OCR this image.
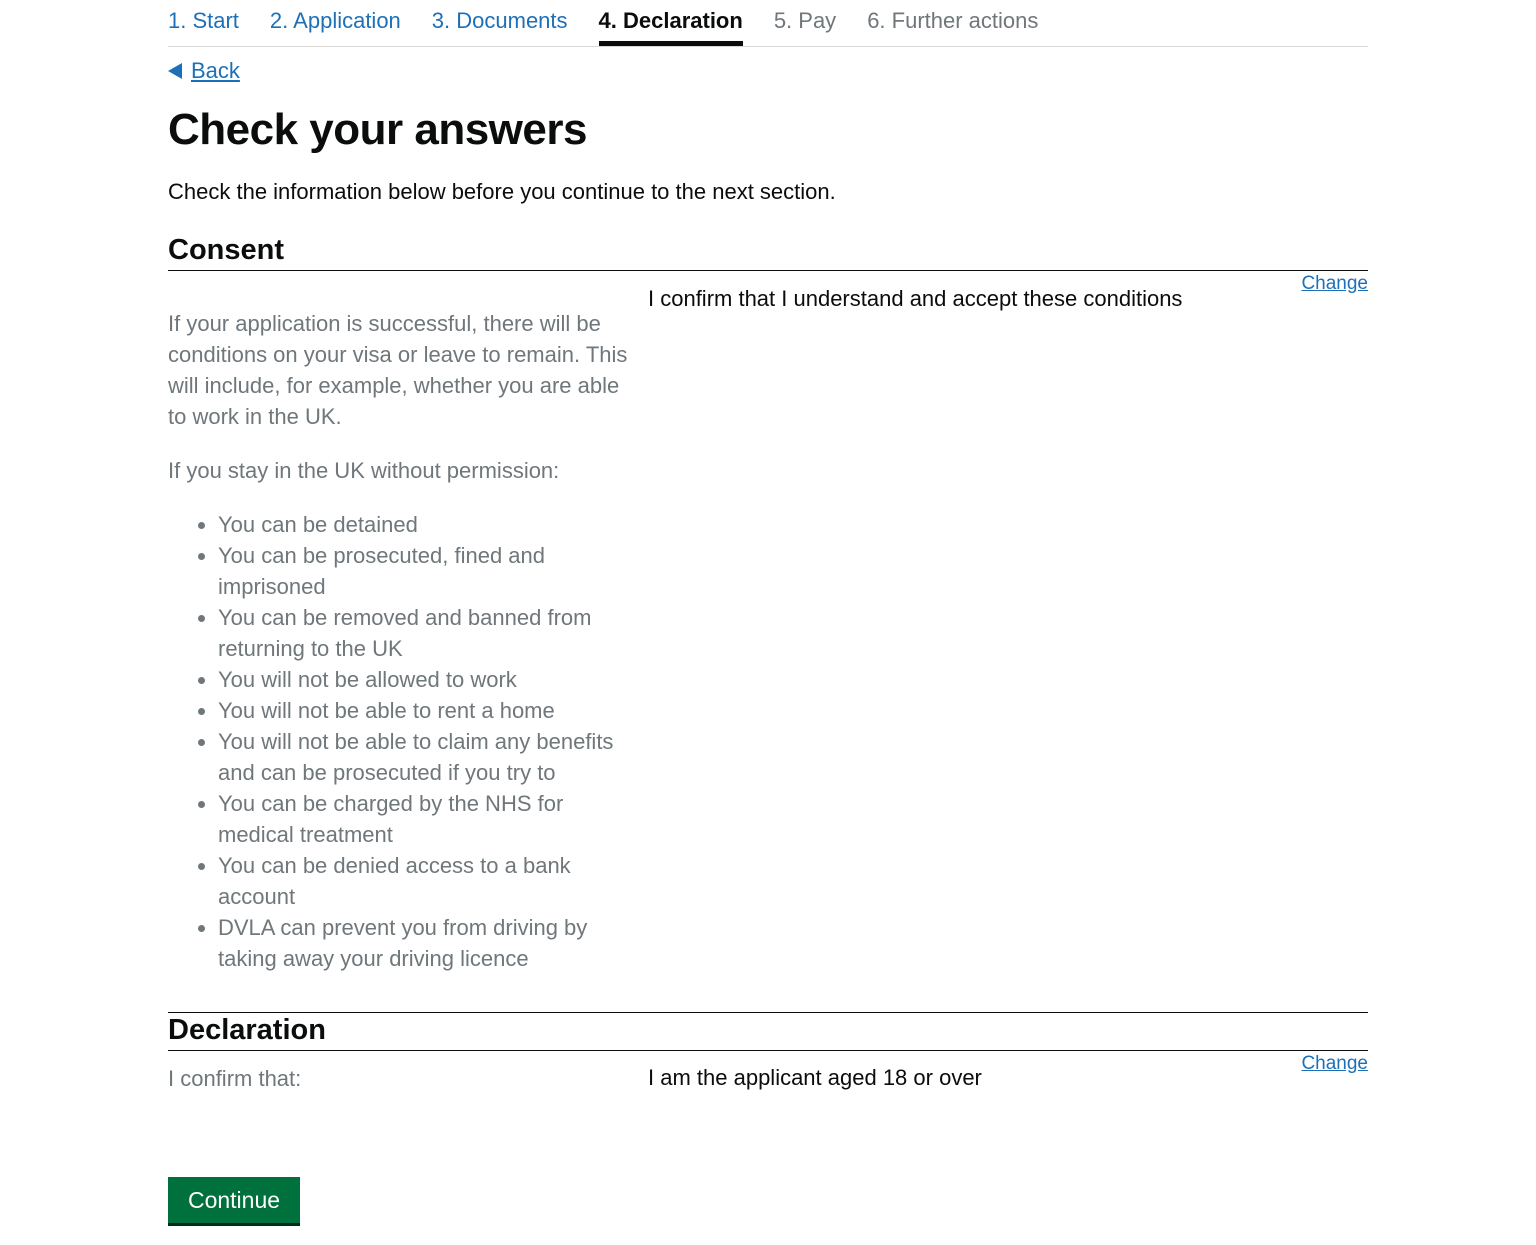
1. Start 2. Application 3. Documents 4. Declaration 5. Pay 6. Further actions
Back
Check your answers

Check the information below before you continue to the next section.

Consent

If your application is successful, there will be conditions on your visa or leave to remain. This will include, for example, whether you are able to work in the UK.

If you stay in the UK without permission:

• You can be detained
• You can be prosecuted, fined and imprisoned
• You can be removed and banned from returning to the UK
• You will not be allowed to work
• You will not be able to rent a home
• You will not be able to claim any benefits and can be prosecuted if you try to
• You can be charged by the NHS for medical treatment
• You can be denied access to a bank account
• DVLA can prevent you from driving by taking away your driving licence
I confirm that I understand and accept these conditions
Change
Declaration
I confirm that:	I am the applicant aged 18 or over
Change
Continue
